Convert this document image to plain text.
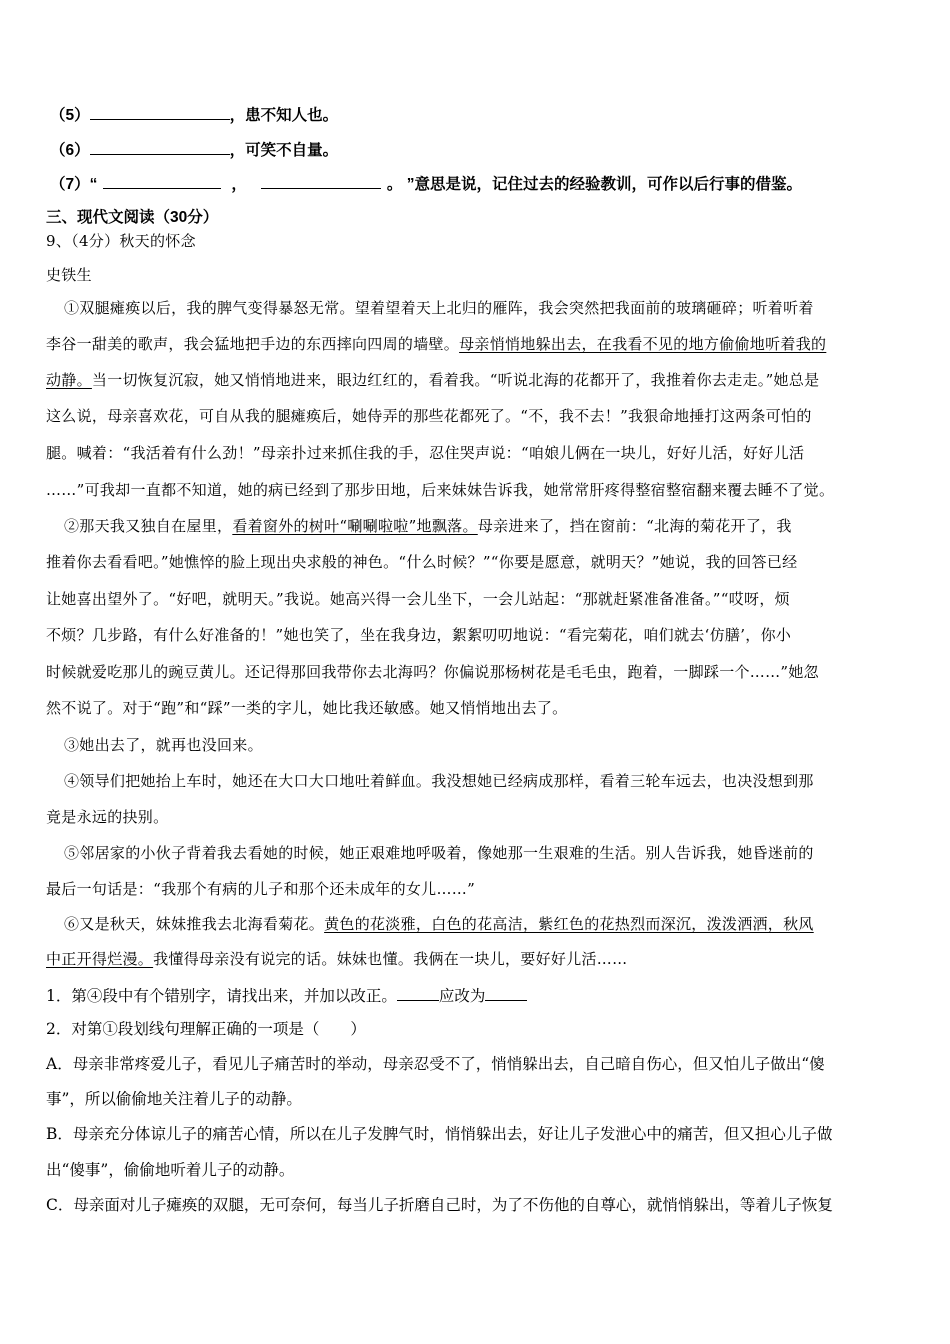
（5）	，患不知人也。
（6）	，可笑不自量。
（7）“	，	。 ”意思是说，记住过去的经验教训，可作以后行事的借鉴。
三、现代文阅读（30分）
9、（4分）秋天的怀念
史铁生
①双腿瘫痪以后，我的脾气变得暴怒无常。望着望着天上北归的雁阵，我会突然把我面前的玻璃砸碎；听着听着
李谷一甜美的歌声，我会猛地把手边的东西摔向四周的墙壁。母亲悄悄地躲出去，在我看不见的地方偷偷地听着我的
动静。当一切恢复沉寂，她又悄悄地进来，眼边红红的，看着我。“听说北海的花都开了，我推着你去走走。”她总是
这么说，母亲喜欢花，可自从我的腿瘫痪后，她侍弄的那些花都死了。“不，我不去！”我狠命地捶打这两条可怕的
腿。喊着：“我活着有什么劲！”母亲扑过来抓住我的手，忍住哭声说：“咱娘儿俩在一块儿，好好儿活，好好儿活
……”可我却一直都不知道，她的病已经到了那步田地，后来妹妹告诉我，她常常肝疼得整宿整宿翻来覆去睡不了觉。
②那天我又独自在屋里，看着窗外的树叶“唰唰啦啦”地飘落。母亲进来了，挡在窗前：“北海的菊花开了，我
推着你去看看吧。”她憔悴的脸上现出央求般的神色。“什么时候？”“你要是愿意，就明天？”她说，我的回答已经
让她喜出望外了。“好吧，就明天。”我说。她高兴得一会儿坐下，一会儿站起：“那就赶紧准备准备。”“哎呀，烦
不烦？几步路，有什么好准备的！”她也笑了，坐在我身边，絮絮叨叨地说：“看完菊花，咱们就去‘仿膳’，你小
时候就爱吃那儿的豌豆黄儿。还记得那回我带你去北海吗？你偏说那杨树花是毛毛虫，跑着，一脚踩一个……”她忽
然不说了。对于“跑”和“踩”一类的字儿，她比我还敏感。她又悄悄地出去了。
③她出去了，就再也没回来。
④领导们把她抬上车时，她还在大口大口地吐着鲜血。我没想她已经病成那样，看着三轮车远去，也决没想到那
竟是永远的抉别。
⑤邻居家的小伙子背着我去看她的时候，她正艰难地呼吸着，像她那一生艰难的生活。别人告诉我，她昏迷前的
最后一句话是：“我那个有病的儿子和那个还未成年的女儿……”
⑥又是秋天，妹妹推我去北海看菊花。黄色的花淡雅，白色的花高洁，紫红色的花热烈而深沉，泼泼洒洒，秋风
中正开得烂漫。我懂得母亲没有说完的话。妹妹也懂。我俩在一块儿，要好好儿活……
1．第④段中有个错别字，请找出来，并加以改正。	应改为
2．对第①段划线句理解正确的一项是（　　）
A．母亲非常疼爱儿子，看见儿子痛苦时的举动，母亲忍受不了，悄悄躲出去，自己暗自伤心，但又怕儿子做出“傻
事”，所以偷偷地关注着儿子的动静。
B．母亲充分体谅儿子的痛苦心情，所以在儿子发脾气时，悄悄躲出去，好让儿子发泄心中的痛苦，但又担心儿子做
出“傻事”，偷偷地听着儿子的动静。
C．母亲面对儿子瘫痪的双腿，无可奈何，每当儿子折磨自己时，为了不伤他的自尊心，就悄悄躲出，等着儿子恢复
